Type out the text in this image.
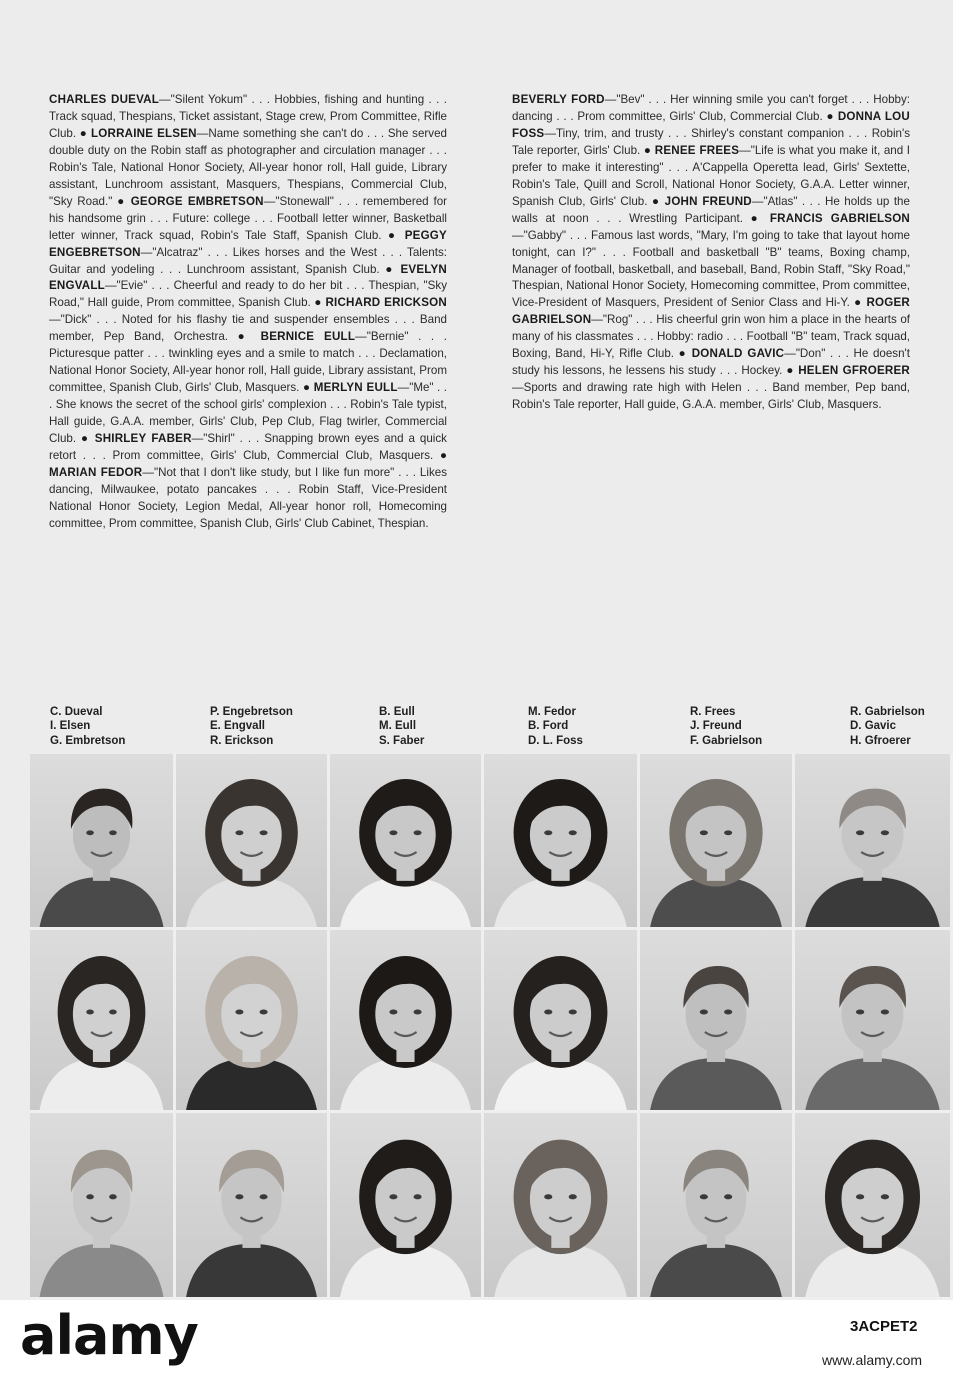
CHARLES DUEVAL—"Silent Yokum" . . . Hobbies, fishing and hunting . . . Track squad, Thespians, Ticket assistant, Stage crew, Prom Committee, Rifle Club. ● LORRAINE ELSEN—Name something she can't do . . . She served double duty on the Robin staff as photographer and circulation manager . . . Robin's Tale, National Honor Society, All-year honor roll, Hall guide, Library assistant, Lunchroom assistant, Masquers, Thespians, Commercial Club, "Sky Road." ● GEORGE EMBRETSON—"Stonewall" . . . remembered for his handsome grin . . . Future: college . . . Football letter winner, Basketball letter winner, Track squad, Robin's Tale Staff, Spanish Club. ● PEGGY ENGEBRETSON—"Alcatraz" . . . Likes horses and the West . . . Talents: Guitar and yodeling . . . Lunchroom assistant, Spanish Club. ● EVELYN ENGVALL—"Evie" . . . Cheerful and ready to do her bit . . . Thespian, "Sky Road," Hall guide, Prom committee, Spanish Club. ● RICHARD ERICKSON—"Dick" . . . Noted for his flashy tie and suspender ensembles . . . Band member, Pep Band, Orchestra. ● BERNICE EULL—"Bernie" . . . Picturesque patter . . . twinkling eyes and a smile to match . . . Declamation, National Honor Society, All-year honor roll, Hall guide, Library assistant, Prom committee, Spanish Club, Girls' Club, Masquers. ● MERLYN EULL—"Me" . . . She knows the secret of the school girls' complexion . . . Robin's Tale typist, Hall guide, G.A.A. member, Girls' Club, Pep Club, Flag twirler, Commercial Club. ● SHIRLEY FABER—"Shirl" . . . Snapping brown eyes and a quick retort . . . Prom committee, Girls' Club, Commercial Club, Masquers. ● MARIAN FEDOR—"Not that I don't like study, but I like fun more" . . . Likes dancing, Milwaukee, potato pancakes . . . Robin Staff, Vice-President National Honor Society, Legion Medal, All-year honor roll, Homecoming committee, Prom committee, Spanish Club, Girls' Club Cabinet, Thespian.
BEVERLY FORD—"Bev" . . . Her winning smile you can't forget . . . Hobby: dancing . . . Prom committee, Girls' Club, Commercial Club. ● DONNA LOU FOSS—Tiny, trim, and trusty . . . Shirley's constant companion . . . Robin's Tale reporter, Girls' Club. ● RENEE FREES—"Life is what you make it, and I prefer to make it interesting" . . . A'Cappella Operetta lead, Girls' Sextette, Robin's Tale, Quill and Scroll, National Honor Society, G.A.A. Letter winner, Spanish Club, Girls' Club. ● JOHN FREUND—"Atlas" . . . He holds up the walls at noon . . . Wrestling Participant. ● FRANCIS GABRIELSON—"Gabby" . . . Famous last words, "Mary, I'm going to take that layout home tonight, can I?" . . . Football and basketball "B" teams, Boxing champ, Manager of football, basketball, and baseball, Band, Robin Staff, "Sky Road," Thespian, National Honor Society, Homecoming committee, Prom committee, Vice-President of Masquers, President of Senior Class and Hi-Y. ● ROGER GABRIELSON—"Rog" . . . His cheerful grin won him a place in the hearts of many of his classmates . . . Hobby: radio . . . Football "B" team, Track squad, Boxing, Band, Hi-Y, Rifle Club. ● DONALD GAVIC—"Don" . . . He doesn't study his lessons, he lessens his study . . . Hockey. ● HELEN GFROERER—Sports and drawing rate high with Helen . . . Band member, Pep band, Robin's Tale reporter, Hall guide, G.A.A. member, Girls' Club, Masquers.
C. Dueval
I. Elsen
G. Embretson
P. Engebretson
E. Engvall
R. Erickson
B. Eull
M. Eull
S. Faber
M. Fedor
B. Ford
D. L. Foss
R. Frees
J. Freund
F. Gabrielson
R. Gabrielson
D. Gavic
H. Gfroerer
alamy	3ACPET2
www.alamy.com
